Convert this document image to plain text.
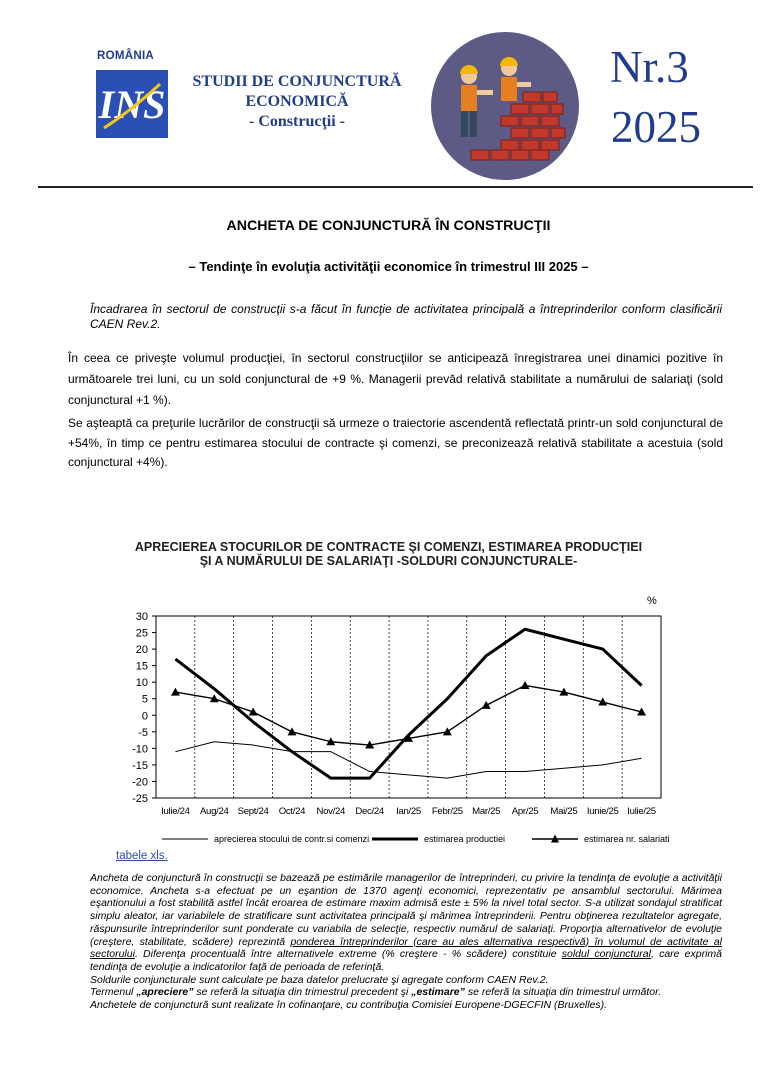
ROMÂNIA
INS
STUDII DE CONJUNCTURĂ
ECONOMICĂ
- Construcţii -
Nr.3
2025
ANCHETA DE CONJUNCTURĂ ÎN CONSTRUCŢII
– Tendinţe în evoluţia activităţii economice în trimestrul III 2025 –
Încadrarea în sectorul de construcţii s-a făcut în funcţie de activitatea principală a întreprinderilor conform clasificării CAEN Rev.2.
În ceea ce priveşte volumul producţiei, în sectorul construcţiilor se anticipează înregistrarea unei dinamici pozitive în următoarele trei luni, cu un sold conjunctural de +9 %. Managerii prevăd relativă stabilitate a numărului de salariaţi (sold conjunctural +1 %).
Se aşteaptă ca preţurile lucrărilor de construcţii să urmeze o traiectorie ascendentă reflectată printr-un sold conjunctural de +54%, în timp ce pentru estimarea stocului de contracte şi comenzi, se preconizează relativă stabilitate a acestuia (sold conjunctural +4%).
APRECIEREA STOCURILOR DE CONTRACTE ŞI COMENZI, ESTIMAREA PRODUCŢIEI
ŞI A NUMĂRULUI DE SALARIAŢI -SOLDURI CONJUNCTURALE-
30
25
20
15
10
5
0
-5
-10
-15
-20
-25
%
Iulie/24 Aug/24 Sept/24 Oct/24 Nov/24 Dec/24 Ian/25 Febr/25 Mar/25 Apr/25 Mai/25 Iunie/25 Iulie/25
aprecierea stocului de contr.si comenzi	estimarea productiei	estimarea nr. salariati
tabele xls.

Ancheta de conjunctură în construcţii se bazează pe estimările managerilor de întreprinderi, cu privire la tendinţa de evoluţie a activităţii economice. Ancheta s-a efectuat pe un eşantion de 1370 agenţi economici, reprezentativ pe ansamblul sectorului. Mărimea eşantionului a fost stabilită astfel încât eroarea de estimare maxim admisă este ± 5% la nivel total sector. S-a utilizat sondajul stratificat simplu aleator, iar variabilele de stratificare sunt activitatea principală şi mărimea întreprinderii. Pentru obţinerea rezultatelor agregate, răspunsurile întreprinderilor sunt ponderate cu variabila de selecţie, respectiv numărul de salariaţi. Proporţia alternativelor de evoluţie (creştere, stabilitate, scădere) reprezintă ponderea întreprinderilor (care au ales alternativa respectivă) în volumul de activitate al sectorului. Diferenţa procentuală între alternativele extreme (% creştere - % scădere) constituie soldul conjunctural, care exprimă tendinţa de evoluţie a indicatorilor faţă de perioada de referinţă.

Soldurile conjuncturale sunt calculate pe baza datelor prelucrate şi agregate conform CAEN Rev.2.

Termenul „apreciere” se referă la situaţia din trimestrul precedent şi „estimare” se referă la situaţia din trimestrul următor.

Anchetele de conjunctură sunt realizate în cofinanţare, cu contribuţia Comisiei Europene-DGECFIN (Bruxelles).
